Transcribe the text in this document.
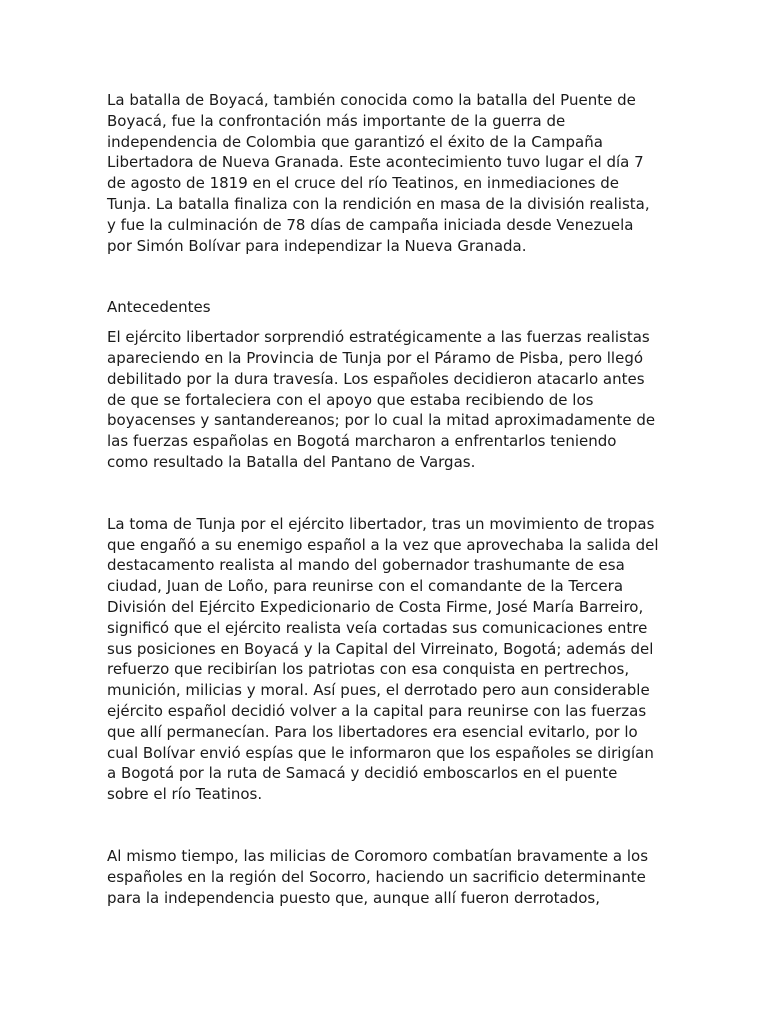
La batalla de Boyacá, también conocida como la batalla del Puente de
Boyacá, fue la confrontación más importante de la guerra de
independencia de Colombia que garantizó el éxito de la Campaña
Libertadora de Nueva Granada. Este acontecimiento tuvo lugar el día 7
de agosto de 1819 en el cruce del río Teatinos, en inmediaciones de
Tunja. La batalla finaliza con la rendición en masa de la división realista,
y fue la culminación de 78 días de campaña iniciada desde Venezuela
por Simón Bolívar para independizar la Nueva Granada.

Antecedentes

El ejército libertador sorprendió estratégicamente a las fuerzas realistas
apareciendo en la Provincia de Tunja por el Páramo de Pisba, pero llegó
debilitado por la dura travesía. Los españoles decidieron atacarlo antes
de que se fortaleciera con el apoyo que estaba recibiendo de los
boyacenses y santandereanos; por lo cual la mitad aproximadamente de
las fuerzas españolas en Bogotá marcharon a enfrentarlos teniendo
como resultado la Batalla del Pantano de Vargas.

La toma de Tunja por el ejército libertador, tras un movimiento de tropas
que engañó a su enemigo español a la vez que aprovechaba la salida del
destacamento realista al mando del gobernador trashumante de esa
ciudad, Juan de Loño, para reunirse con el comandante de la Tercera
División del Ejército Expedicionario de Costa Firme, José María Barreiro,
significó que el ejército realista veía cortadas sus comunicaciones entre
sus posiciones en Boyacá y la Capital del Virreinato, Bogotá; además del
refuerzo que recibirían los patriotas con esa conquista en pertrechos,
munición, milicias y moral. Así pues, el derrotado pero aun considerable
ejército español decidió volver a la capital para reunirse con las fuerzas
que allí permanecían. Para los libertadores era esencial evitarlo, por lo
cual Bolívar envió espías que le informaron que los españoles se dirigían
a Bogotá por la ruta de Samacá y decidió emboscarlos en el puente
sobre el río Teatinos.

Al mismo tiempo, las milicias de Coromoro combatían bravamente a los
españoles en la región del Socorro, haciendo un sacrificio determinante
para la independencia puesto que, aunque allí fueron derrotados,
